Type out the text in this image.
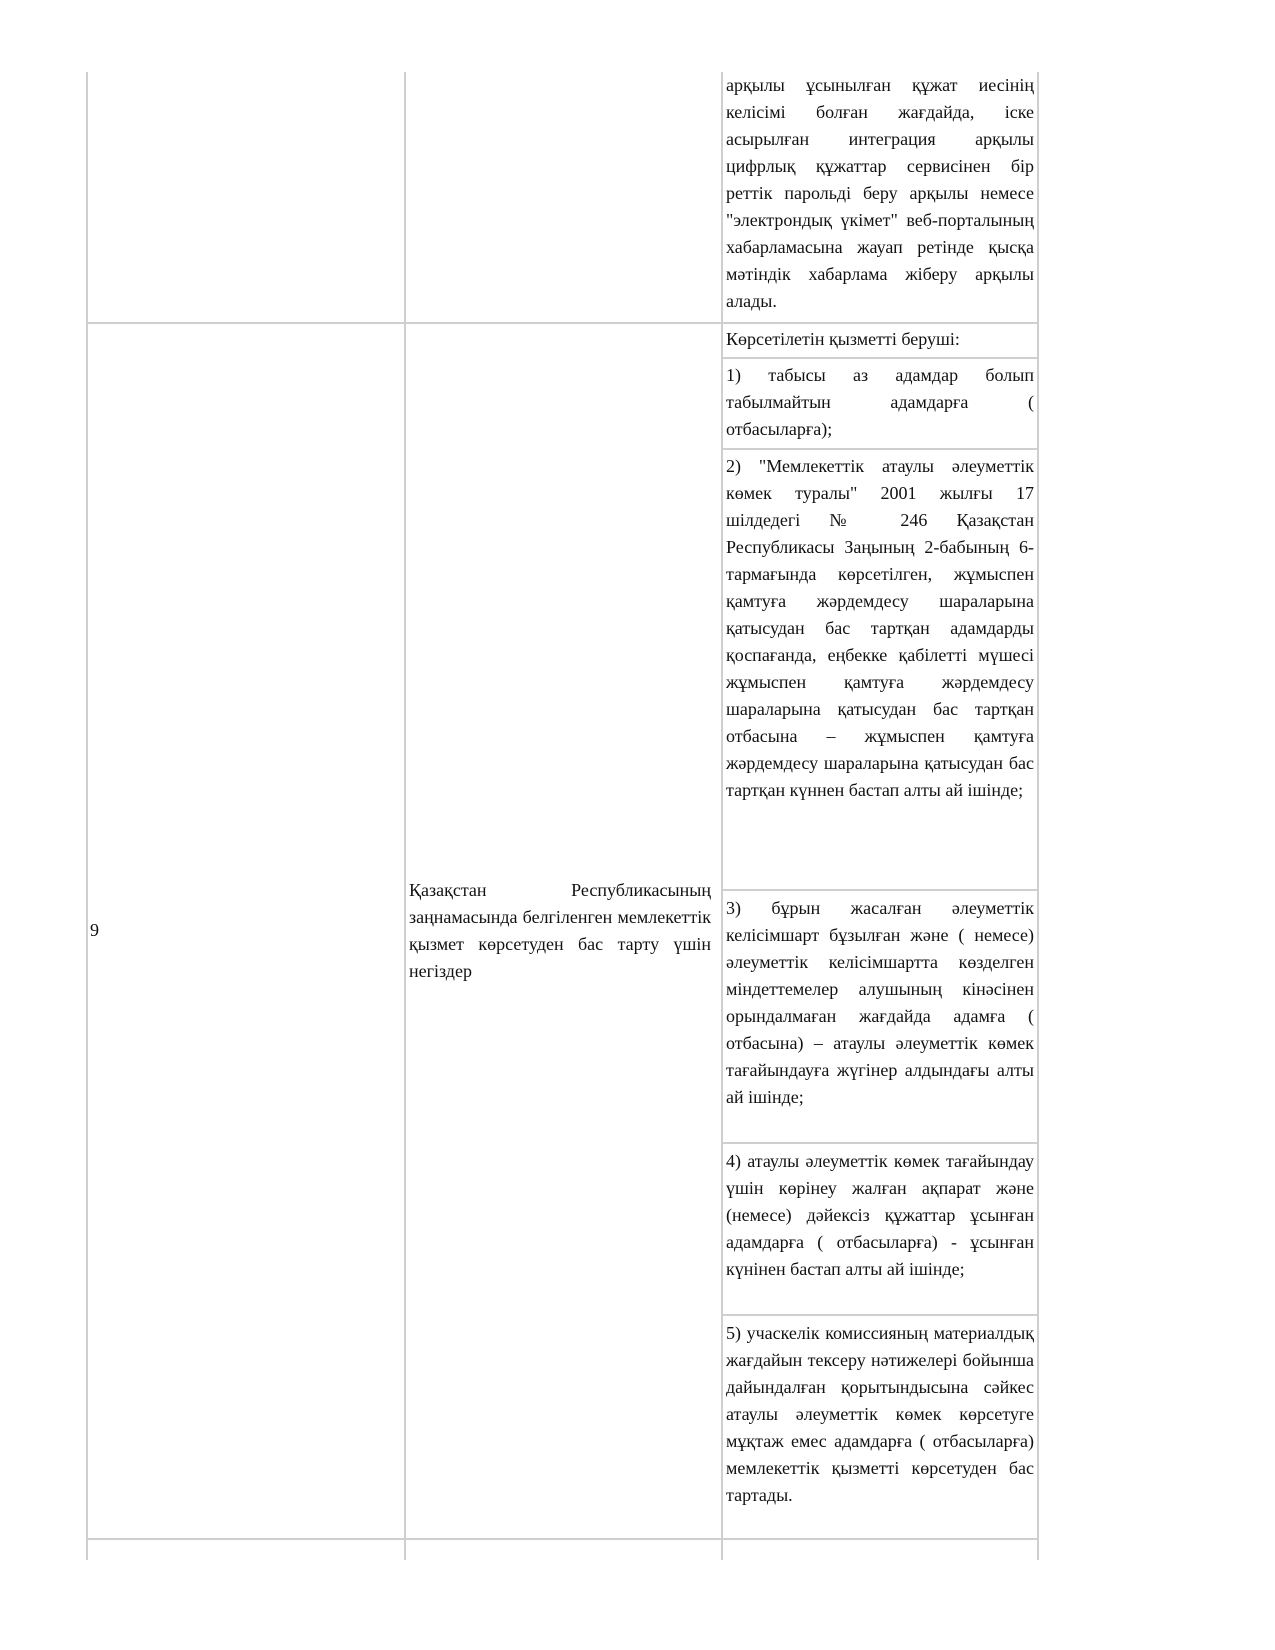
арқылы ұсынылған құжат иесінің келісімі болған жағдайда, іске асырылған интеграция арқылы цифрлық құжаттар сервисінен бір реттік парольді беру арқылы немесе "электрондық үкімет" веб-порталының хабарламасына жауап ретінде қысқа мәтіндік хабарлама жіберу арқылы алады.
9
Қазақстан Республикасының заңнамасында белгіленген мемлекеттік қызмет көрсетуден бас тарту үшін негіздер
Көрсетілетін қызметті беруші:
1) табысы аз адамдар болып табылмайтын адамдарға ( отбасыларға);
2) "Мемлекеттік атаулы әлеуметтік көмек туралы" 2001 жылғы 17 шілдедегі № 246 Қазақстан Республикасы Заңының 2-бабының 6-тармағында көрсетілген, жұмыспен қамтуға жәрдемдесу шараларына қатысудан бас тартқан адамдарды қоспағанда, еңбекке қабілетті мүшесі жұмыспен қамтуға жәрдемдесу шараларына қатысудан бас тартқан отбасына – жұмыспен қамтуға жәрдемдесу шараларына қатысудан бас тартқан күннен бастап алты ай ішінде;
3) бұрын жасалған әлеуметтік келісімшарт бұзылған және ( немесе) әлеуметтік келісімшартта көзделген міндеттемелер алушының кінәсінен орындалмаған жағдайда адамға ( отбасына) – атаулы әлеуметтік көмек тағайындауға жүгінер алдындағы алты ай ішінде;
4) атаулы әлеуметтік көмек тағайындау үшін көрінеу жалған ақпарат және (немесе) дәйексіз құжаттар ұсынған адамдарға ( отбасыларға) - ұсынған күнінен бастап алты ай ішінде;
5) учаскелік комиссияның материалдық жағдайын тексеру нәтижелері бойынша дайындалған қорытындысына сәйкес атаулы әлеуметтік көмек көрсетуге мұқтаж емес адамдарға ( отбасыларға) мемлекеттік қызметті көрсетуден бас тартады.
